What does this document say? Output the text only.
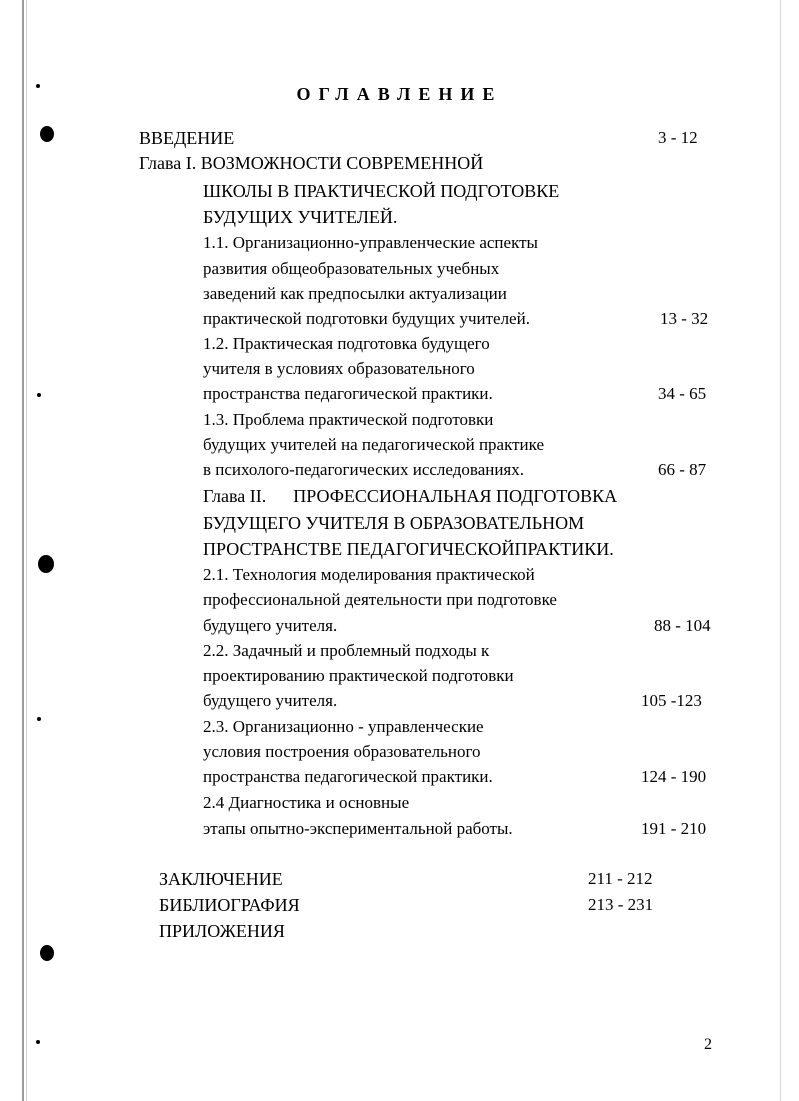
ОГЛАВЛЕНИЕ
ВВЕДЕНИЕ	3 - 12
Глава I. ВОЗМОЖНОСТИ СОВРЕМЕННОЙ
ШКОЛЫ В ПРАКТИЧЕСКОЙ ПОДГОТОВКЕ
БУДУЩИХ УЧИТЕЛЕЙ.
1.1. Организационно-управленческие аспекты
развития общеобразовательных учебных
заведений как предпосылки актуализации
практической подготовки будущих учителей.	13 - 32
1.2. Практическая подготовка будущего
учителя в условиях образовательного
пространства педагогической практики.	34 - 65
1.3. Проблема практической подготовки
будущих учителей на педагогической практике
в психолого-педагогических исследованиях.	66 - 87
Глава II.      ПРОФЕССИОНАЛЬНАЯ ПОДГОТОВКА
БУДУЩЕГО УЧИТЕЛЯ В ОБРАЗОВАТЕЛЬНОМ
ПРОСТРАНСТВЕ ПЕДАГОГИЧЕСКОЙПРАКТИКИ.
2.1. Технология моделирования практической
профессиональной деятельности при подготовке
будущего учителя.	88 - 104
2.2. Задачный и проблемный подходы к
проектированию практической подготовки
будущего учителя.	105 -123
2.3. Организационно - управленческие
условия построения образовательного
пространства педагогической практики.	124 - 190
2.4 Диагностика и основные
этапы опытно-экспериментальной работы.	191 - 210
ЗАКЛЮЧЕНИЕ	211 - 212
БИБЛИОГРАФИЯ	213 - 231
ПРИЛОЖЕНИЯ
2
